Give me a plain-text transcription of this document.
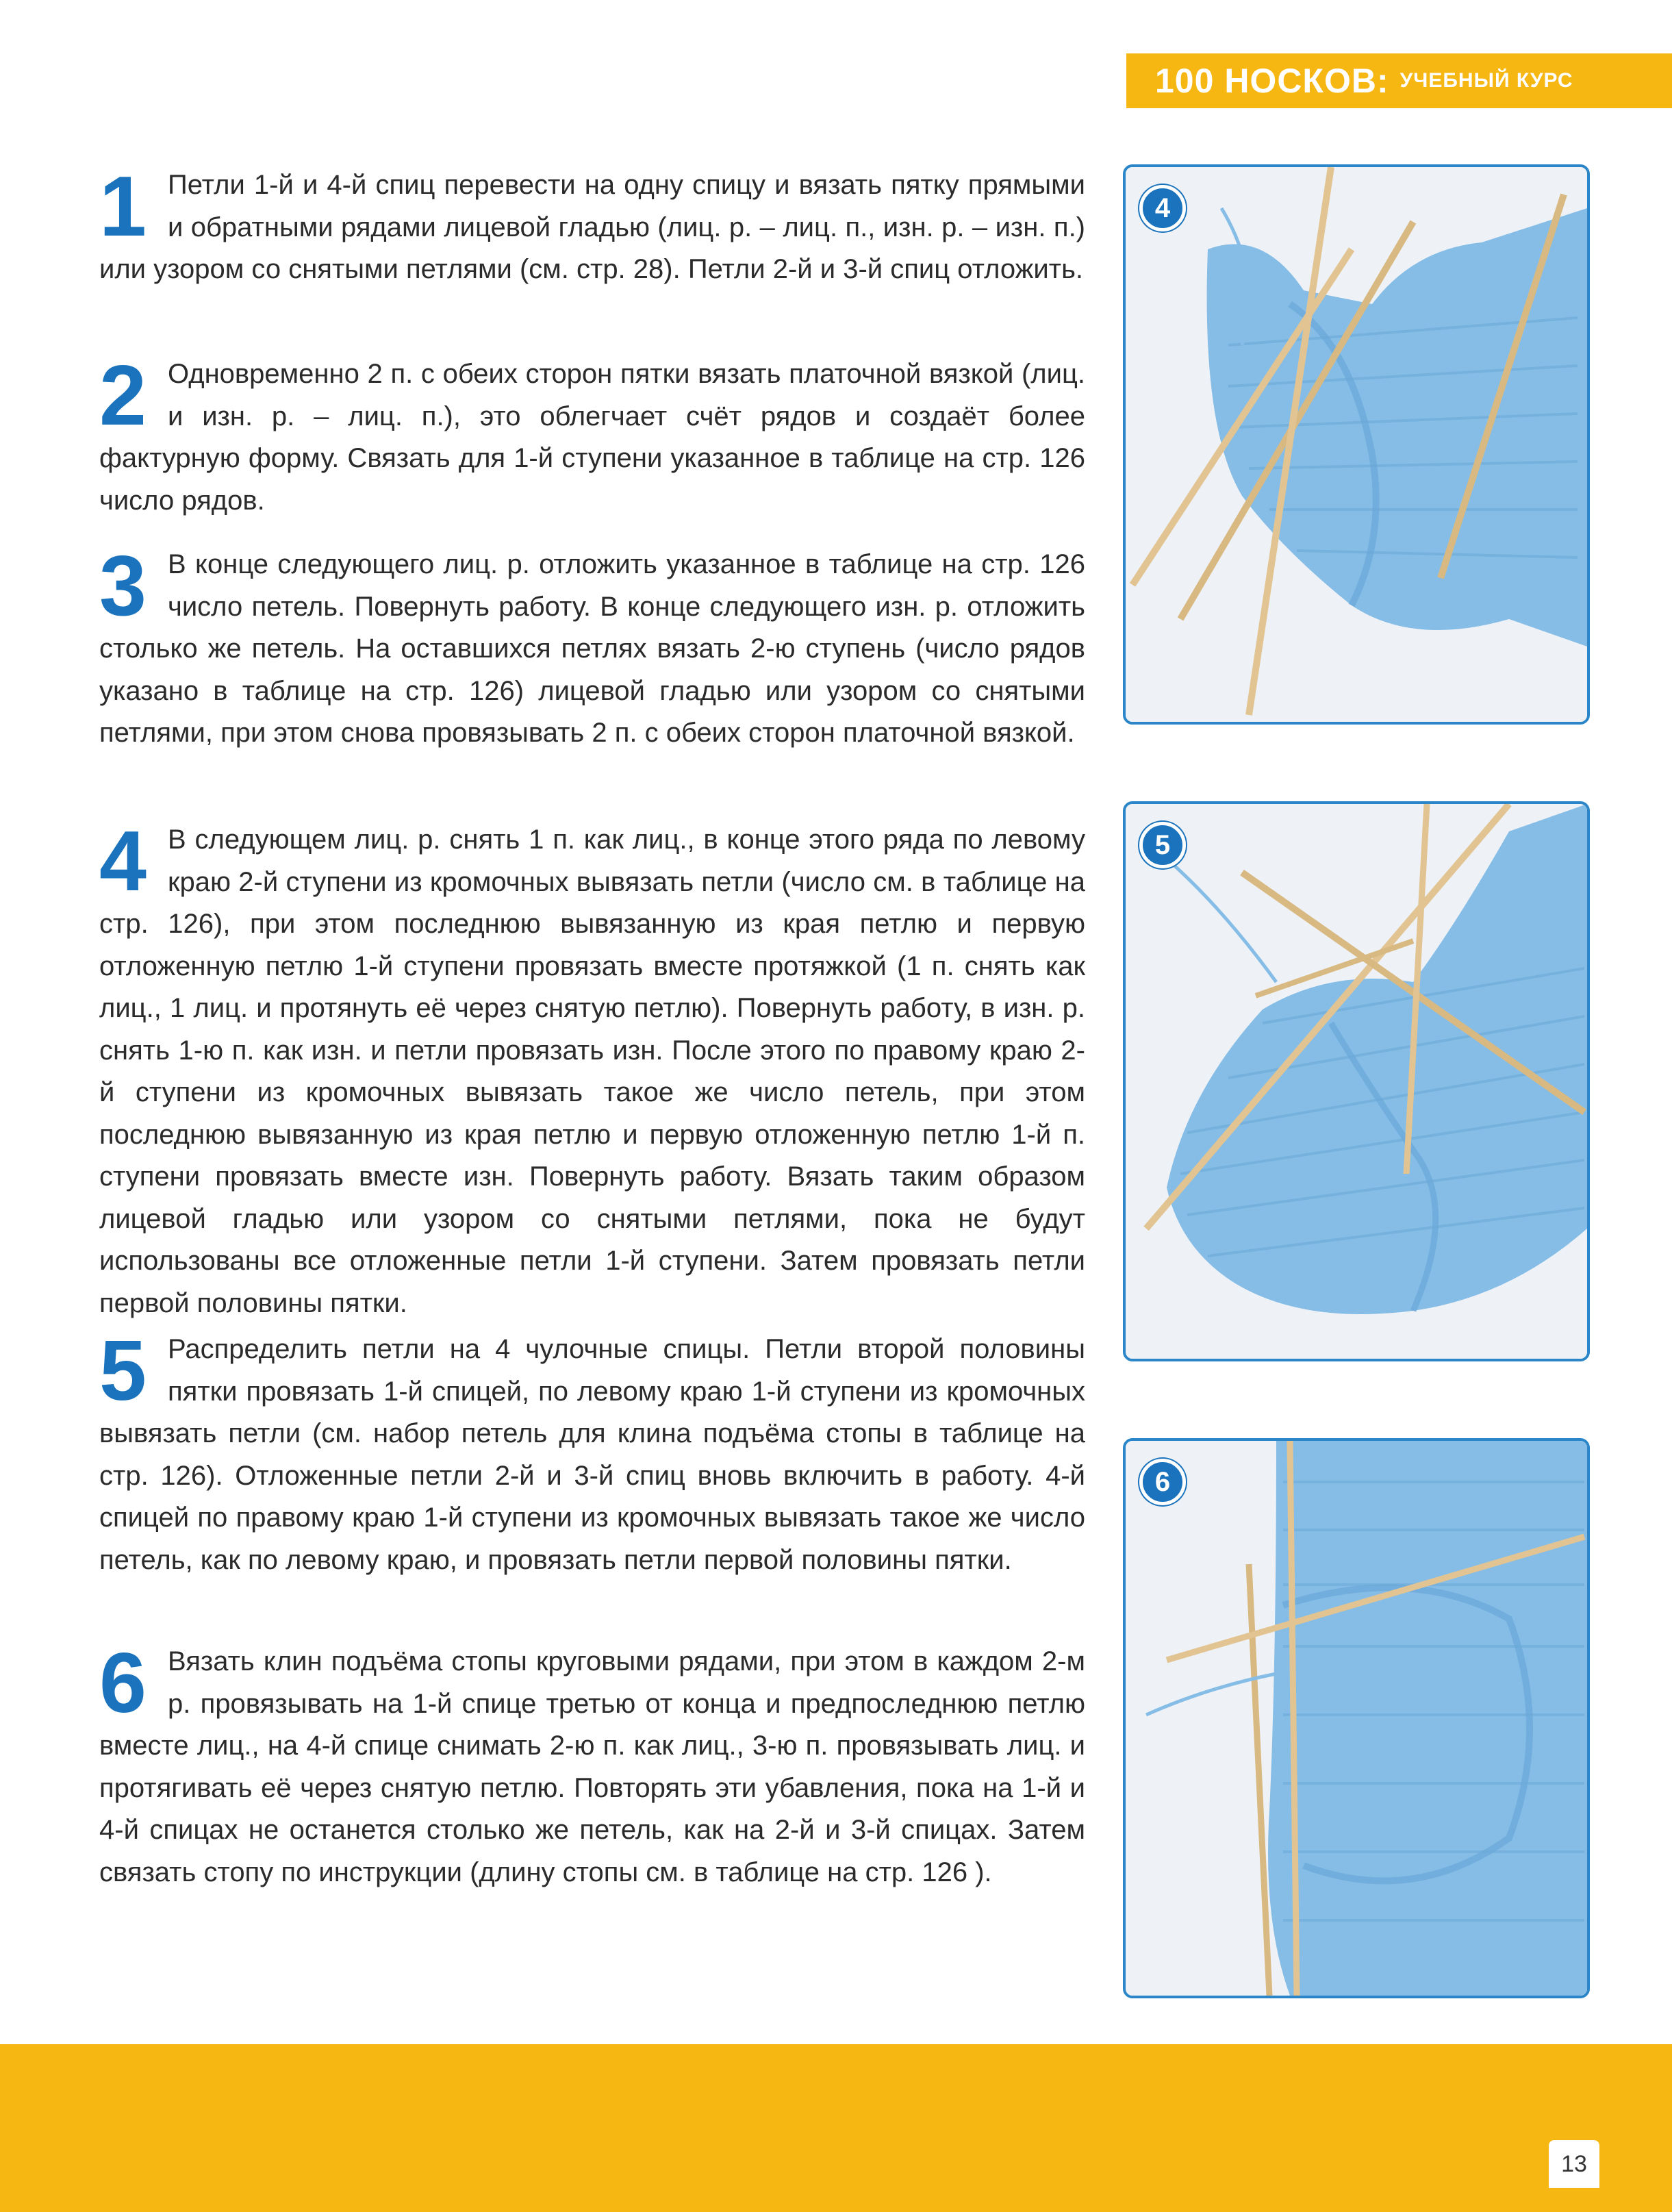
100 НОСКОВ: УЧЕБНЫЙ КУРС

Петли 1-й и 4-й спиц перевести на одну спицу и вязать пятку прямыми и обратными рядами лицевой гладью (лиц. р. – лиц. п., изн. р. – изн. п.) или узором со снятыми петлями (см. стр. 28). Петли 2-й и 3-й спиц отложить.

1

Одновременно 2 п. с обеих сторон пятки вязать платочной вязкой (лиц. и изн. р. – лиц. п.), это облегчает счёт рядов и создаёт более фактурную форму. Связать для 1-й ступени указанное в таблице на стр. 126 число рядов.

2

В конце следующего лиц. р. отложить указанное в таблице на стр. 126 число петель. Повернуть работу. В конце следующего изн. р. отложить столько же петель. На оставшихся петлях вязать 2-ю ступень (число рядов указано в таблице на стр. 126) лицевой гладью или узором со снятыми петлями, при этом снова провязывать 2 п. с обеих сторон платочной вязкой.

3

В следующем лиц. р. снять 1 п. как лиц., в конце этого ряда по левому краю 2-й ступени из кромочных вывязать петли (число см. в таблице на стр. 126), при этом последнюю вывязанную из края петлю и первую отложенную петлю 1-й ступени провязать вместе протяжкой (1 п. снять как лиц., 1 лиц. и протянуть её через снятую петлю). Повернуть работу, в изн. р. снять 1-ю п. как изн. и петли провязать изн. После этого по правому краю 2-й ступени из кромочных вывязать такое же число петель, при этом последнюю вывязанную из края петлю и первую отложенную петлю 1-й п. ступени провязать вместе изн. Повернуть работу. Вязать таким образом лицевой гладью или узором со снятыми петлями, пока не будут использованы все отложенные петли 1-й ступени. Затем провязать петли первой половины пятки.

4

Распределить петли на 4 чулочные спицы. Петли второй половины пятки провязать 1-й спицей, по левому краю 1-й ступени из кромочных вывязать петли (см. набор петель для клина подъёма стопы в таблице на стр. 126). Отложенные петли 2-й и 3-й спиц вновь включить в работу. 4-й спицей по правому краю 1-й ступени из кромочных вывязать такое же число петель, как по левому краю, и провязать петли первой половины пятки.

5

Вязать клин подъёма стопы круговыми рядами, при этом в каждом 2-м р. провязывать на 1-й спице третью от конца и предпоследнюю петлю вместе лиц., на 4-й спице снимать 2-ю п. как лиц., 3-ю п. провязывать лиц. и протягивать её через снятую петлю. Повторять эти убавления, пока на 1-й и 4-й спицах не останется столько же петель, как на 2-й и 3-й спицах. Затем связать стопу по инструкции (длину стопы см. в таблице на стр. 126 ).

6
4
5
6
13
